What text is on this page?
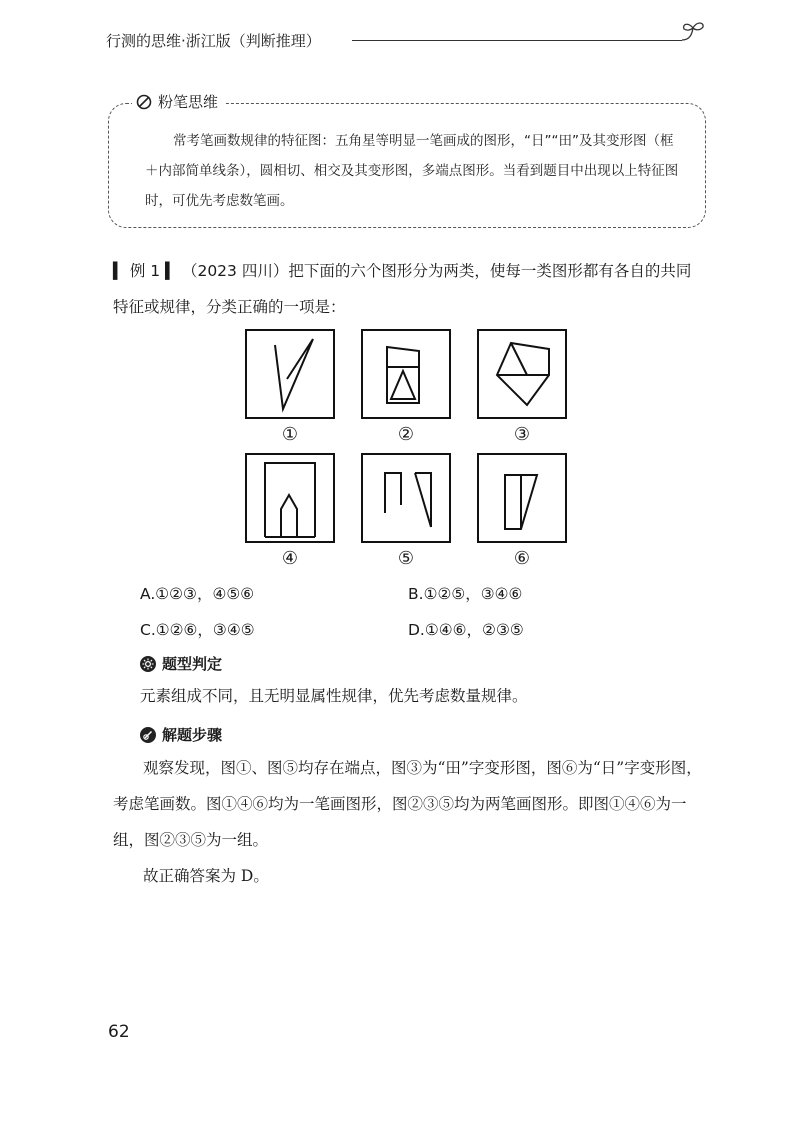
行测的思维·浙江版（判断推理）
粉笔思维

常考笔画数规律的特征图：五角星等明显一笔画成的图形，“日”“田”及其变形图（框＋内部简单线条），圆相切、相交及其变形图，多端点图形。当看到题目中出现以上特征图时，可优先考虑数笔画。

▍ 例 1 ▍ （2023 四川）把下面的六个图形分为两类，使每一类图形都有各自的共同特征或规律，分类正确的一项是：
①	②	③
④	⑤	⑥
A.①②③，④⑤⑥	B.①②⑤，③④⑥
C.①②⑥，③④⑤	D.①④⑥，②③⑤
题型判定

元素组成不同，且无明显属性规律，优先考虑数量规律。

解题步骤

观察发现，图①、图⑤均存在端点，图③为“田”字变形图，图⑥为“日”字变形图，考虑笔画数。图①④⑥均为一笔画图形，图②③⑤均为两笔画图形。即图①④⑥为一组，图②③⑤为一组。

故正确答案为 D。

62
